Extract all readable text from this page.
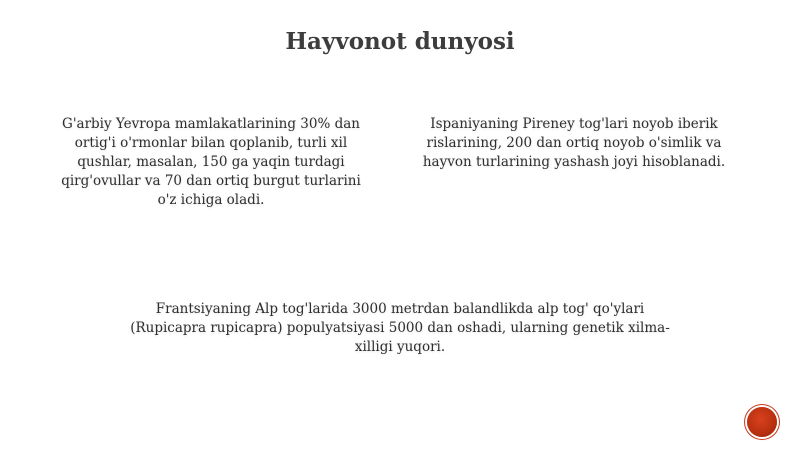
Hayvonot dunyosi
G'arbiy Yevropa mamlakatlarining 30% dan ortig'i o'rmonlar bilan qoplanib, turli xil qushlar, masalan, 150 ga yaqin turdagi qirg'ovullar va 70 dan ortiq burgut turlarini o'z ichiga oladi.
Ispaniyaning Pireney tog'lari noyob iberik rislarining, 200 dan ortiq noyob o'simlik va hayvon turlarining yashash joyi hisoblanadi.
Frantsiyaning Alp tog'larida 3000 metrdan balandlikda alp tog' qo'ylari (Rupicapra rupicapra) populyatsiyasi 5000 dan oshadi, ularning genetik xilma-xilligi yuqori.
